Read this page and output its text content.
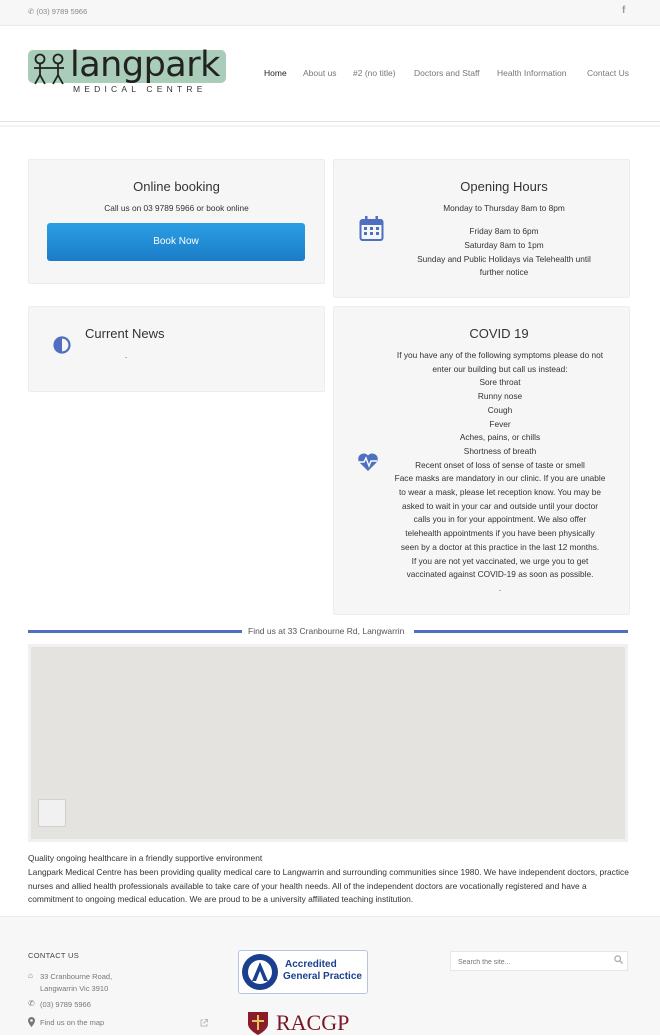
✆ (03) 9789 5966	f
langpark
MEDICAL CENTRE
Home About us #2 (no title) Doctors and Staff Health Information Contact Us
Online booking
Call us on 03 9789 5966 or book online
Book Now
Opening Hours
Monday to Thursday 8am to 8pm
Friday 8am to 6pm
Saturday 8am to 1pm
Sunday and Public Holidays via Telehealth until
further notice
Current News
.
COVID 19
If you have any of the following symptoms please do not
enter our building but call us instead:
Sore throat
Runny nose
Cough
Fever
Aches, pains, or chills
Shortness of breath
Recent onset of loss of sense of taste or smell
Face masks are mandatory in our clinic. If you are unable
to wear a mask, please let reception know. You may be
asked to wait in your car and outside until your doctor
calls you in for your appointment. We also offer
telehealth appointments if you have been physically
seen by a doctor at this practice in the last 12 months.
If you are not yet vaccinated, we urge you to get
vaccinated against COVID-19 as soon as possible.
.
Find us at 33 Cranbourne Rd, Langwarrin
Quality ongoing healthcare in a friendly supportive environment
Langpark Medical Centre has been providing quality medical care to Langwarrin and surrounding communities since 1980. We have independent doctors, practice nurses and allied health professionals available to take care of your health needs. All of the independent doctors are vocationally registered and have a commitment to ongoing medical education. We are proud to be a university affiliated teaching institution.
CONTACT US
⌂ 33 Cranbourne Road,
Langwarrin Vic 3910
✆ (03) 9789 5966
Find us on the map
Accredited
General Practice
RACGP
Search the site...
